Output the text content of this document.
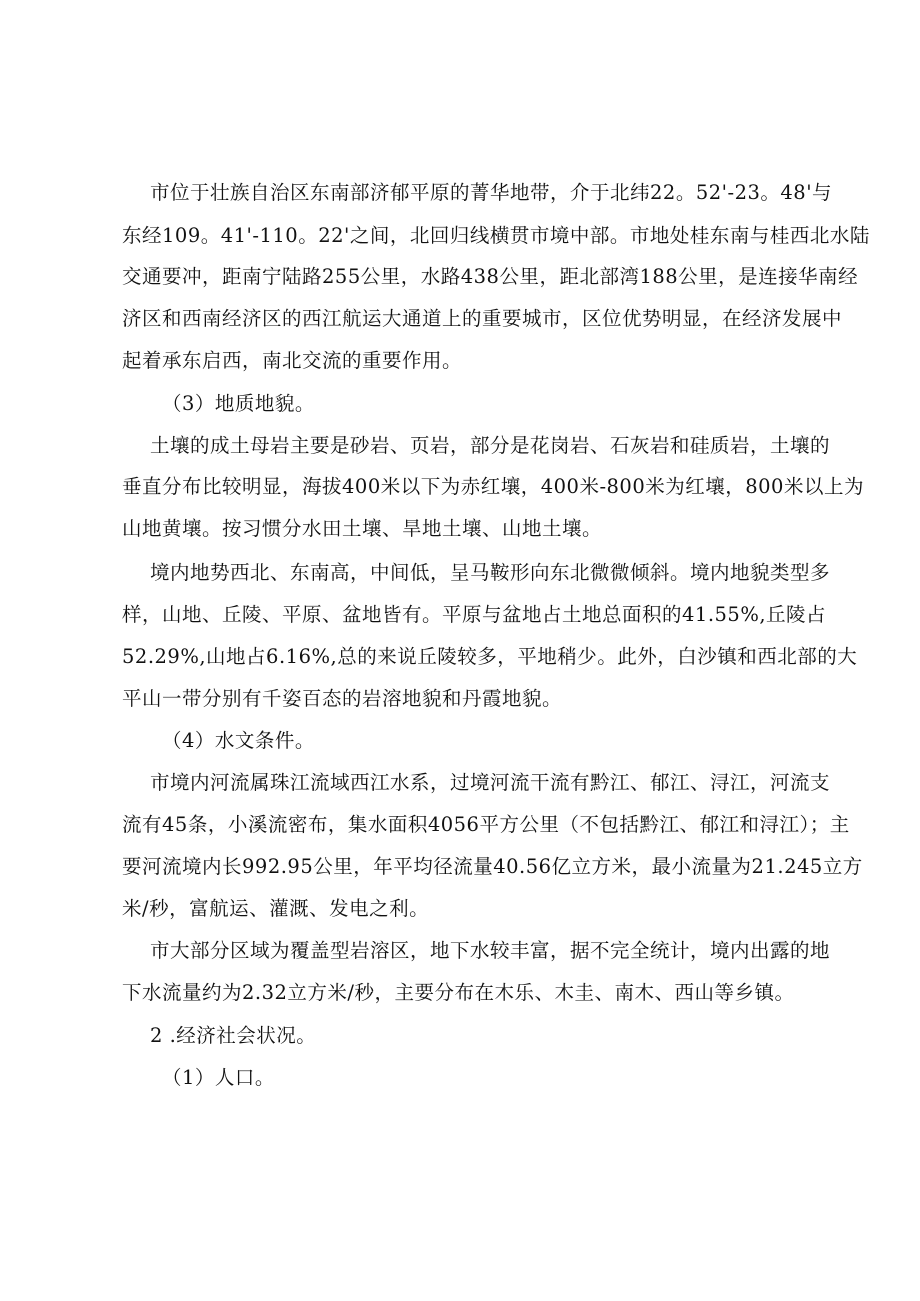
市位于壮族自治区东南部济郁平原的菁华地带，介于北纬22。52'-23。48'与
东经109。41'-110。22'之间，北回归线横贯市境中部。市地处桂东南与桂西北水陆
交通要冲，距南宁陆路255公里，水路438公里，距北部湾188公里，是连接华南经
济区和西南经济区的西江航运大通道上的重要城市，区位优势明显，在经济发展中
起着承东启西，南北交流的重要作用。
（3）地质地貌。
土壤的成土母岩主要是砂岩、页岩，部分是花岗岩、石灰岩和硅质岩，土壤的
垂直分布比较明显，海拔400米以下为赤红壤，400米-800米为红壤，800米以上为
山地黄壤。按习惯分水田土壤、旱地土壤、山地土壤。
境内地势西北、东南高，中间低，呈马鞍形向东北微微倾斜。境内地貌类型多
样，山地、丘陵、平原、盆地皆有。平原与盆地占土地总面积的41.55%,丘陵占
52.29%,山地占6.16%,总的来说丘陵较多，平地稍少。此外，白沙镇和西北部的大
平山一带分别有千姿百态的岩溶地貌和丹霞地貌。
（4）水文条件。
市境内河流属珠江流域西江水系，过境河流干流有黔江、郁江、浔江，河流支
流有45条，小溪流密布，集水面积4056平方公里（不包括黔江、郁江和浔江）；主
要河流境内长992.95公里，年平均径流量40.56亿立方米，最小流量为21.245立方
米/秒，富航运、灌溉、发电之利。
市大部分区域为覆盖型岩溶区，地下水较丰富，据不完全统计，境内出露的地
下水流量约为2.32立方米/秒，主要分布在木乐、木圭、南木、西山等乡镇。
2 .经济社会状况。
（1）人口。
